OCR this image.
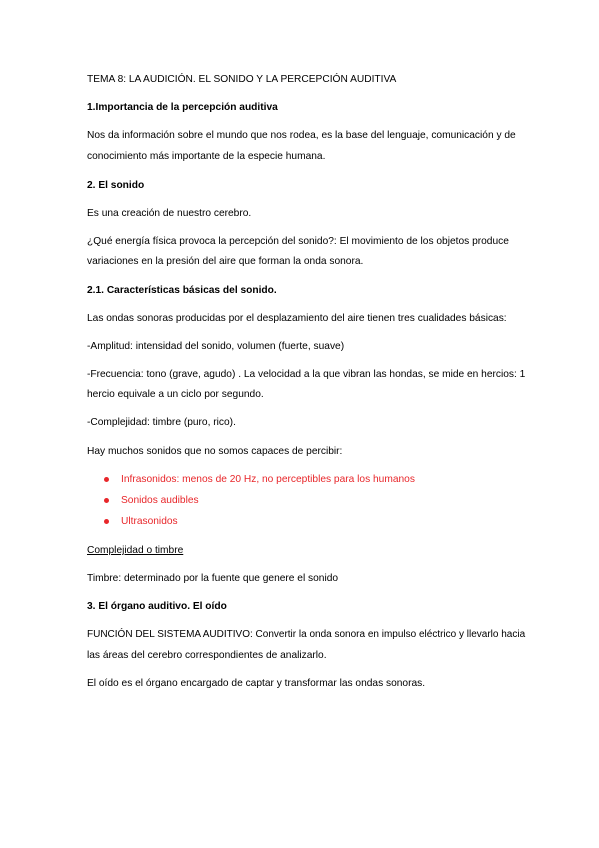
TEMA 8: LA AUDICIÓN. EL SONIDO Y LA PERCEPCIÓN AUDITIVA
1.Importancia de la percepción auditiva
Nos da información sobre el mundo que nos rodea, es la base del lenguaje, comunicación y de
conocimiento más importante de la especie humana.
2. El sonido
Es una creación de nuestro cerebro.
¿Qué energía física provoca la percepción del sonido?: El movimiento de los objetos produce
variaciones en la presión del aire que forman la onda sonora.
2.1. Características básicas del sonido.
Las ondas sonoras producidas por el desplazamiento del aire tienen tres cualidades básicas:
-Amplitud: intensidad del sonido, volumen (fuerte, suave)
-Frecuencia: tono (grave, agudo) . La velocidad a la que vibran las hondas, se mide en hercios: 1
hercio equivale a un ciclo por segundo.
-Complejidad: timbre (puro, rico).
Hay muchos sonidos que no somos capaces de percibir:
Infrasonidos: menos de 20 Hz, no perceptibles para los humanos
Sonidos audibles
Ultrasonidos
Complejidad o timbre
Timbre: determinado por la fuente que genere el sonido
3. El órgano auditivo. El oído
FUNCIÓN DEL SISTEMA AUDITIVO: Convertir la onda sonora en impulso eléctrico y llevarlo hacia
las áreas del cerebro correspondientes de analizarlo.
El oído es el órgano encargado de captar y transformar las ondas sonoras.
